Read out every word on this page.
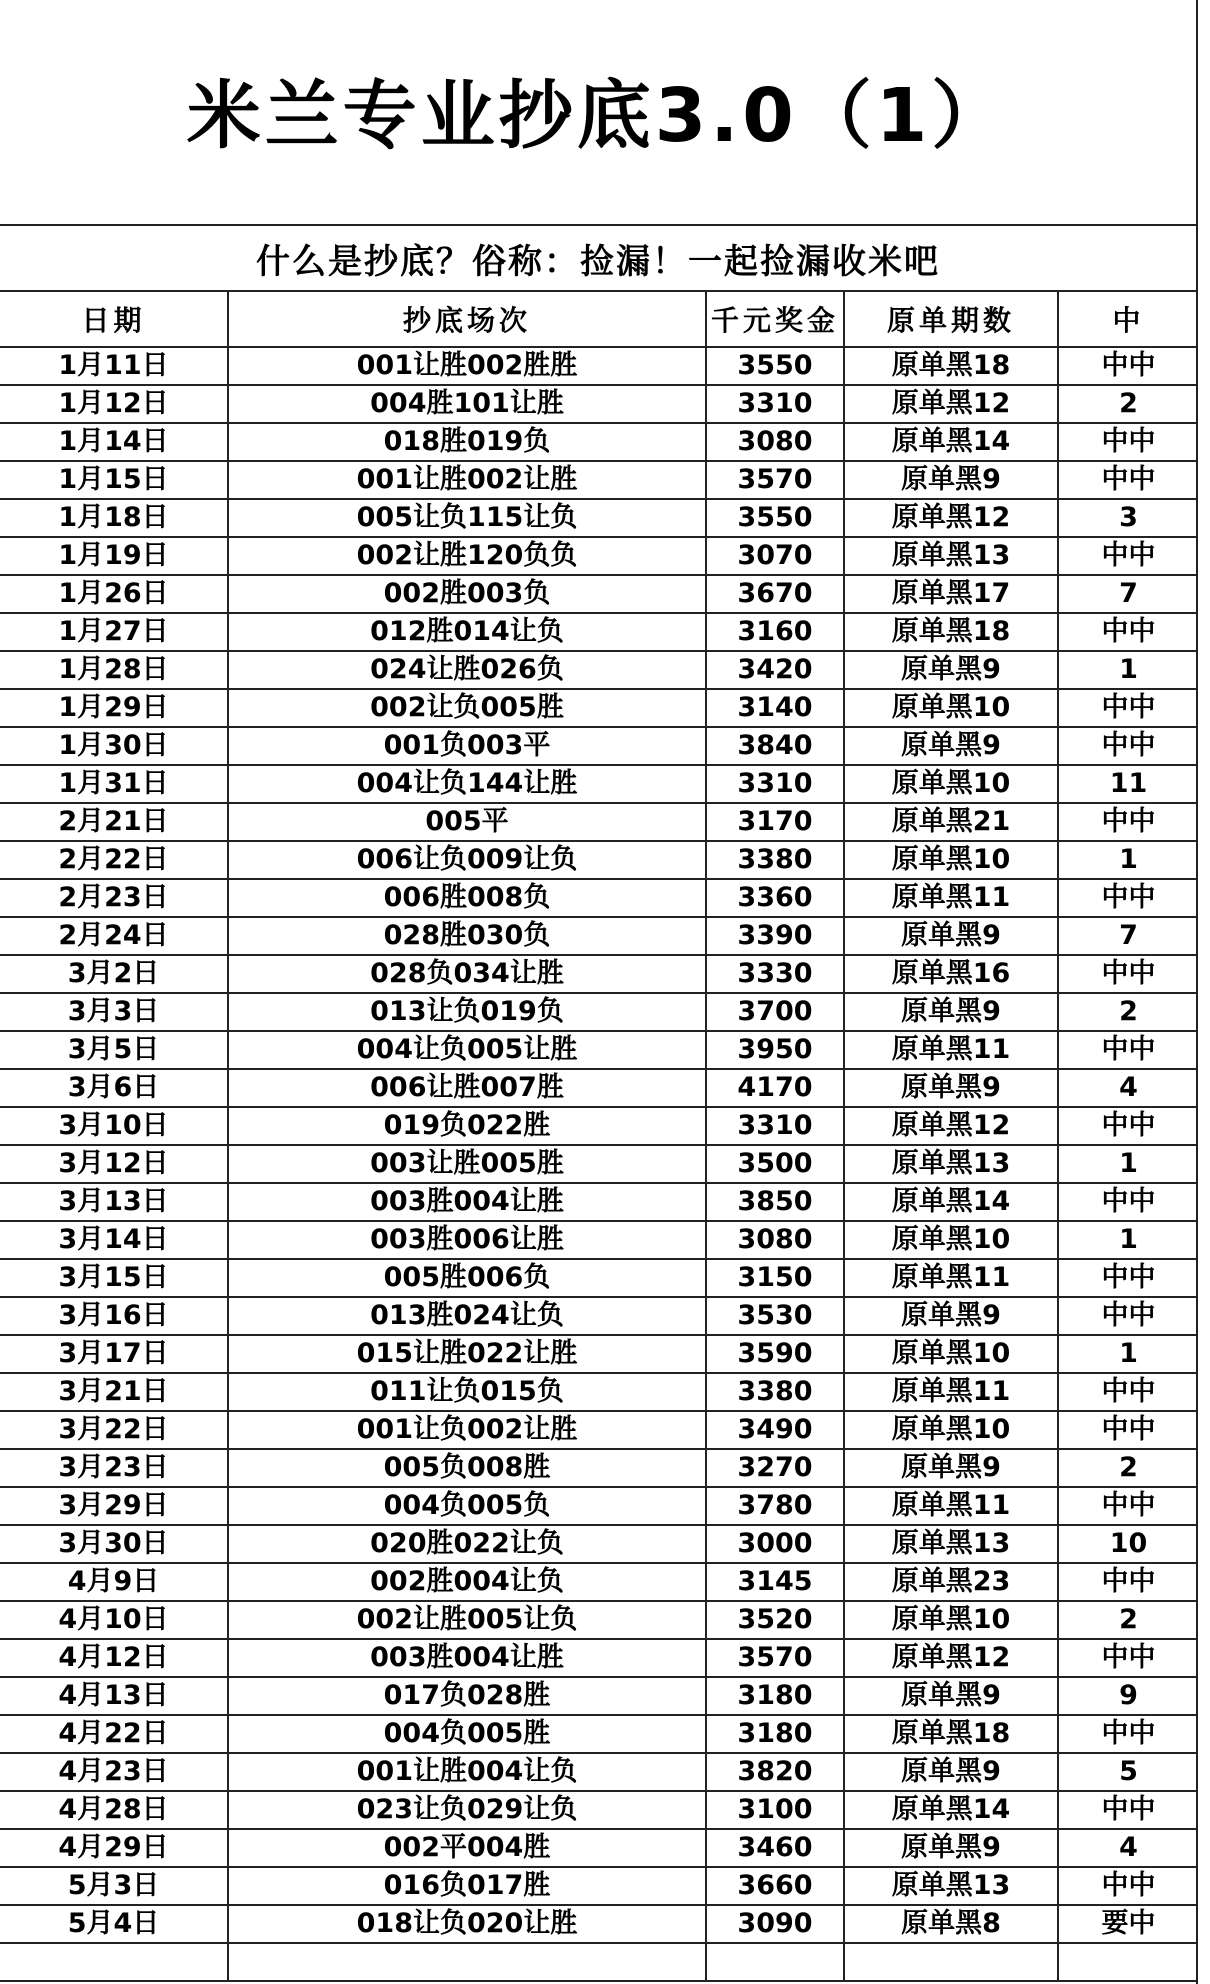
米兰专业抄底3.0（1）
什么是抄底？俗称：捡漏！一起捡漏收米吧
日期	抄底场次	千元奖金	原单期数	中
1月11日	001让胜002胜胜	3550	原单黑18	中中
1月12日	004胜101让胜	3310	原单黑12	2
1月14日	018胜019负	3080	原单黑14	中中
1月15日	001让胜002让胜	3570	原单黑9	中中
1月18日	005让负115让负	3550	原单黑12	3
1月19日	002让胜120负负	3070	原单黑13	中中
1月26日	002胜003负	3670	原单黑17	7
1月27日	012胜014让负	3160	原单黑18	中中
1月28日	024让胜026负	3420	原单黑9	1
1月29日	002让负005胜	3140	原单黑10	中中
1月30日	001负003平	3840	原单黑9	中中
1月31日	004让负144让胜	3310	原单黑10	11
2月21日	005平	3170	原单黑21	中中
2月22日	006让负009让负	3380	原单黑10	1
2月23日	006胜008负	3360	原单黑11	中中
2月24日	028胜030负	3390	原单黑9	7
3月2日	028负034让胜	3330	原单黑16	中中
3月3日	013让负019负	3700	原单黑9	2
3月5日	004让负005让胜	3950	原单黑11	中中
3月6日	006让胜007胜	4170	原单黑9	4
3月10日	019负022胜	3310	原单黑12	中中
3月12日	003让胜005胜	3500	原单黑13	1
3月13日	003胜004让胜	3850	原单黑14	中中
3月14日	003胜006让胜	3080	原单黑10	1
3月15日	005胜006负	3150	原单黑11	中中
3月16日	013胜024让负	3530	原单黑9	中中
3月17日	015让胜022让胜	3590	原单黑10	1
3月21日	011让负015负	3380	原单黑11	中中
3月22日	001让负002让胜	3490	原单黑10	中中
3月23日	005负008胜	3270	原单黑9	2
3月29日	004负005负	3780	原单黑11	中中
3月30日	020胜022让负	3000	原单黑13	10
4月9日	002胜004让负	3145	原单黑23	中中
4月10日	002让胜005让负	3520	原单黑10	2
4月12日	003胜004让胜	3570	原单黑12	中中
4月13日	017负028胜	3180	原单黑9	9
4月22日	004负005胜	3180	原单黑18	中中
4月23日	001让胜004让负	3820	原单黑9	5
4月28日	023让负029让负	3100	原单黑14	中中
4月29日	002平004胜	3460	原单黑9	4
5月3日	016负017胜	3660	原单黑13	中中
5月4日	018让负020让胜	3090	原单黑8	要中
